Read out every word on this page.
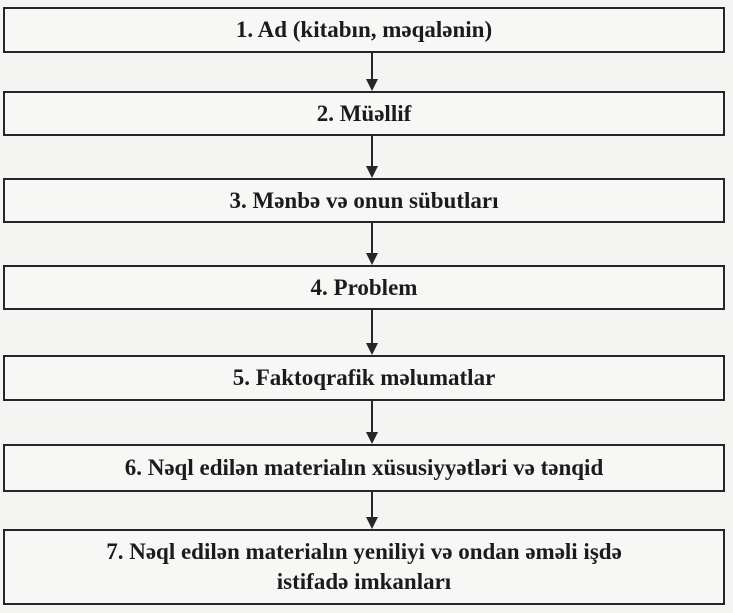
1. Ad (kitabın, məqalənin)
2. Müəllif
3. Mənbə və onun sübutları
4. Problem
5. Faktoqrafik məlumatlar
6. Nəql edilən materialın xüsusiyyətləri və tənqid
7. Nəql edilən materialın yeniliyi və ondan əməli işdə
istifadə imkanları
